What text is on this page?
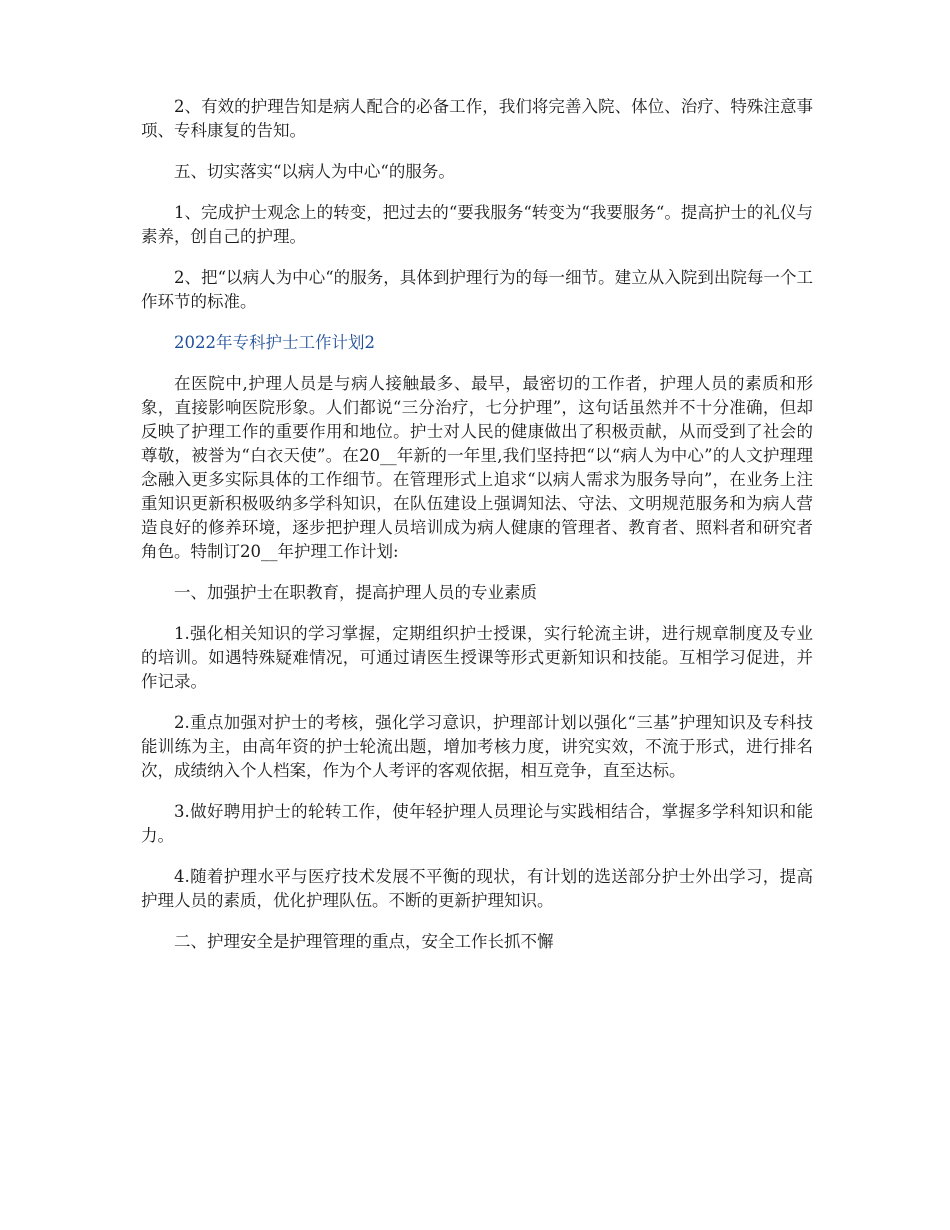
2、有效的护理告知是病人配合的必备工作，我们将完善入院、体位、治疗、特殊注意事项、专科康复的告知。

五、切实落实“以病人为中心“的服务。

1、完成护士观念上的转变，把过去的“要我服务“转变为“我要服务“。提高护士的礼仪与素养，创自己的护理。

2、把“以病人为中心“的服务，具体到护理行为的每一细节。建立从入院到出院每一个工作环节的标准。

2022年专科护士工作计划2

在医院中,护理人员是与病人接触最多、最早，最密切的工作者，护理人员的素质和形象，直接影响医院形象。人们都说“三分治疗，七分护理”，这句话虽然并不十分准确，但却反映了护理工作的重要作用和地位。护士对人民的健康做出了积极贡献，从而受到了社会的尊敬，被誉为“白衣天使”。在20__年新的一年里,我们坚持把“以“病人为中心”的人文护理理念融入更多实际具体的工作细节。在管理形式上追求“以病人需求为服务导向”，在业务上注重知识更新积极吸纳多学科知识，在队伍建设上强调知法、守法、文明规范服务和为病人营造良好的修养环境，逐步把护理人员培训成为病人健康的管理者、教育者、照料者和研究者角色。特制订20__年护理工作计划:

一、加强护士在职教育，提高护理人员的专业素质

1.强化相关知识的学习掌握，定期组织护士授课，实行轮流主讲，进行规章制度及专业的培训。如遇特殊疑难情况，可通过请医生授课等形式更新知识和技能。互相学习促进，并作记录。

2.重点加强对护士的考核，强化学习意识，护理部计划以强化“三基”护理知识及专科技能训练为主，由高年资的护士轮流出题，增加考核力度，讲究实效，不流于形式，进行排名次，成绩纳入个人档案，作为个人考评的客观依据，相互竞争，直至达标。

3.做好聘用护士的轮转工作，使年轻护理人员理论与实践相结合，掌握多学科知识和能力。

4.随着护理水平与医疗技术发展不平衡的现状，有计划的选送部分护士外出学习，提高护理人员的素质，优化护理队伍。不断的更新护理知识。

二、护理安全是护理管理的重点，安全工作长抓不懈
